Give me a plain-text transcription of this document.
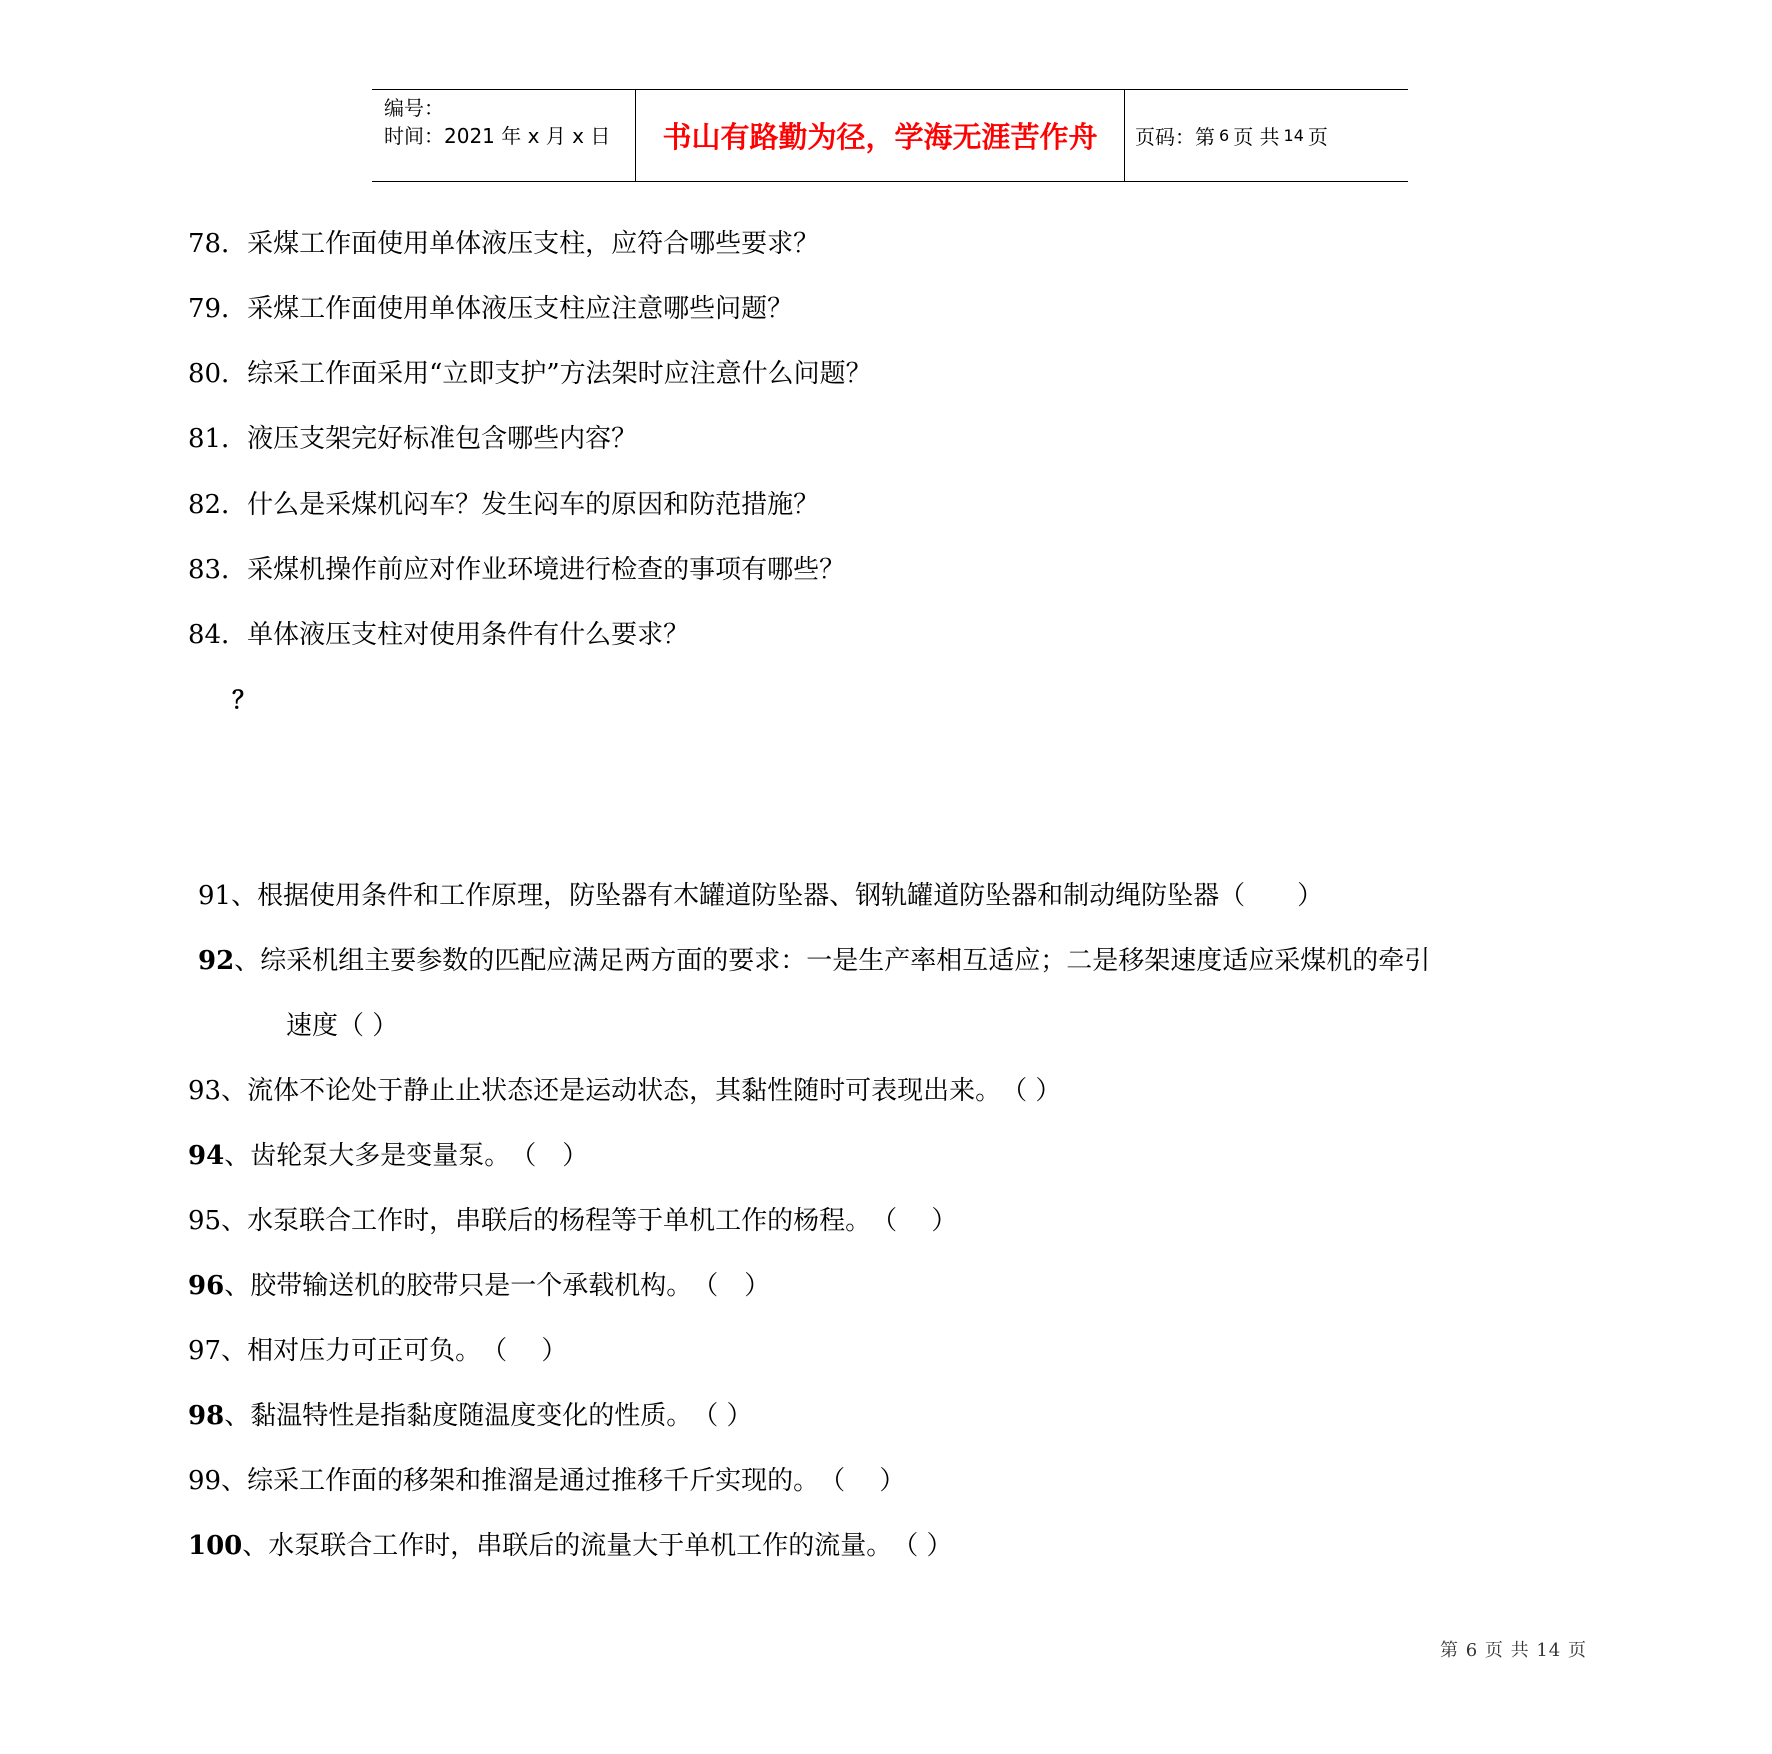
编号：
时间：2021 年 x 月 x 日	书山有路勤为径，学海无涯苦作舟 页码：第 6 页 共 14 页
78．采煤工作面使用单体液压支柱，应符合哪些要求？
79．采煤工作面使用单体液压支柱应注意哪些问题？
80．综采工作面采用“立即支护”方法架时应注意什么问题？
81．液压支架完好标准包含哪些内容？
82．什么是采煤机闷车？发生闷车的原因和防范措施？
83．采煤机操作前应对作业环境进行检查的事项有哪些？
84．单体液压支柱对使用条件有什么要求？
？
91、根据使用条件和工作原理，防坠器有木罐道防坠器、钢轨罐道防坠器和制动绳防坠器（　　）
92、综采机组主要参数的匹配应满足两方面的要求：一是生产率相互适应；二是移架速度适应采煤机的牵引
速度（ ）
93、流体不论处于静止止状态还是运动状态，其黏性随时可表现出来。　（ ）
94、齿轮泵大多是变量泵。　（　）
95、水泵联合工作时，串联后的杨程等于单机工作的杨程。　（　 ）
96、胶带输送机的胶带只是一个承载机构。　（　）
97、相对压力可正可负。　（　 ）
98、黏温特性是指黏度随温度变化的性质。　（ ）
99、综采工作面的移架和推溜是通过推移千斤实现的。　（　 ）
100、水泵联合工作时，串联后的流量大于单机工作的流量。　（ ）
第 6 页 共 14 页
